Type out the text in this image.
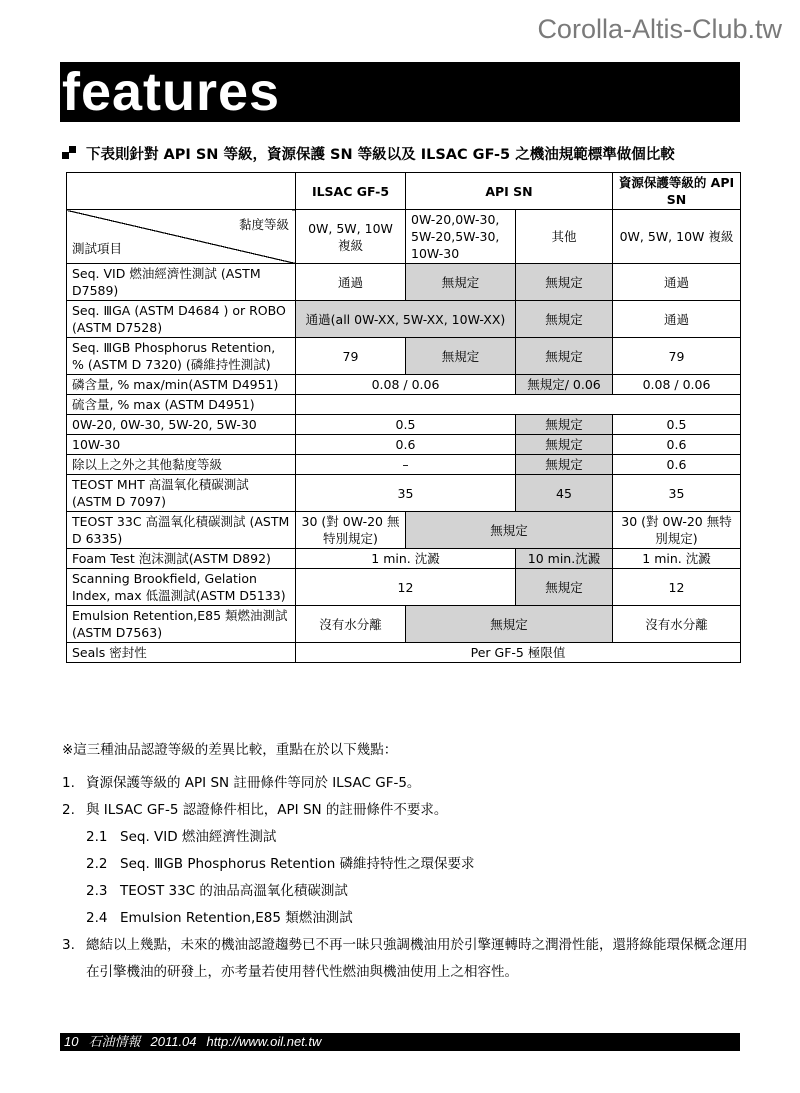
Corolla-Altis-Club.tw
features
下表則針對 API SN 等級，資源保護 SN 等級以及 ILSAC GF-5 之機油規範標準做個比較
	ILSAC GF-5	API SN		資源保護等級的 API SN

黏度等級
測試項目	0W, 5W, 10W 複級	0W-20,0W-30, 5W-20,5W-30, 10W-30	其他	0W, 5W, 10W 複級
Seq. VID 燃油經濟性測試 (ASTM D7589)	通過	無規定	無規定	通過
Seq. ⅢGA (ASTM D4684 ) or ROBO (ASTM D7528)	通過(all 0W-XX, 5W-XX, 10W-XX)		無規定	通過
Seq. ⅢGB Phosphorus Retention, % (ASTM D 7320) (磷維持性測試)	79	無規定	無規定	79
磷含量, % max/min(ASTM D4951)	0.08 / 0.06		無規定/ 0.06	0.08 / 0.06
硫含量, % max (ASTM D4951)				
0W-20, 0W-30, 5W-20, 5W-30	0.5		無規定	0.5
10W-30	0.6		無規定	0.6
除以上之外之其他黏度等級	–		無規定	0.6
TEOST MHT 高溫氧化積碳測試 (ASTM D 7097)	35		45	35
TEOST 33C 高溫氧化積碳測試 (ASTM D 6335)	30 (對 0W-20 無特別規定)	無規定		30 (對 0W-20 無特別規定)
Foam Test 泡沫測試(ASTM D892)	1 min. 沈澱		10 min.沈澱	1 min. 沈澱
Scanning Brookfield, Gelation Index, max 低溫測試(ASTM D5133)	12		無規定	12
Emulsion Retention,E85 類燃油測試(ASTM D7563)	沒有水分離	無規定		沒有水分離
Seals 密封性	Per GF-5 極限值			

※這三種油品認證等級的差異比較，重點在於以下幾點：

1. 資源保護等級的 API SN 註冊條件等同於 ILSAC GF-5。
2. 與 ILSAC GF-5 認證條件相比，API SN 的註冊條件不要求。
2.1 Seq. VID 燃油經濟性測試
2.2 Seq. ⅢGB Phosphorus Retention 磷維持特性之環保要求
2.3 TEOST 33C 的油品高溫氧化積碳測試
2.4 Emulsion Retention,E85 類燃油測試
3. 總結以上幾點，未來的機油認證趨勢已不再一昧只強調機油用於引擎運轉時之潤滑性能，還將綠能環保概念運用在引擎機油的研發上，亦考量若使用替代性燃油與機油使用上之相容性。
10 石油情報 2011.04 http://www.oil.net.tw
